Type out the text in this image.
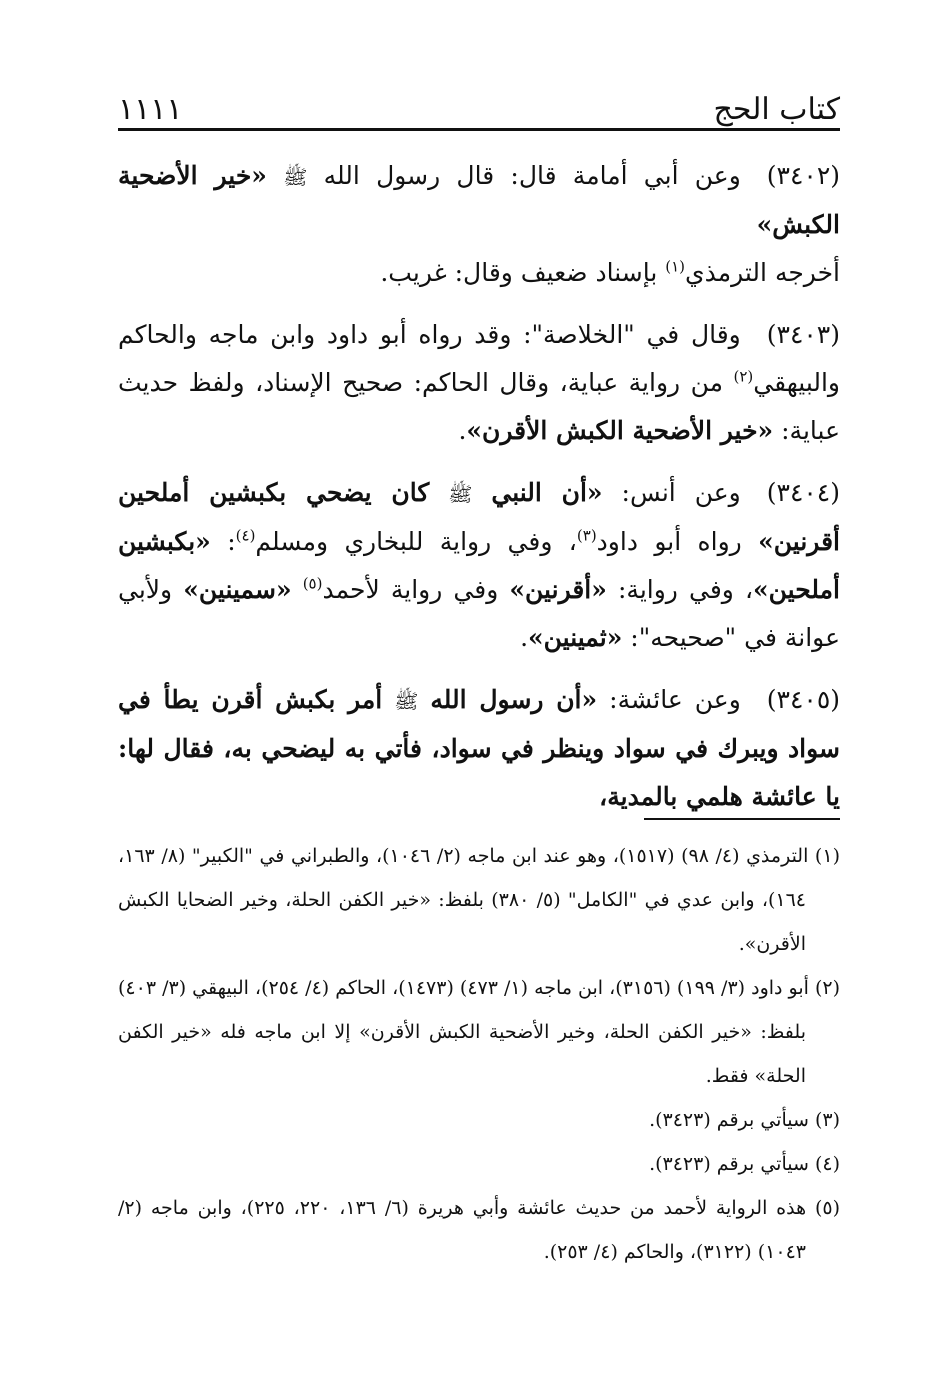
كتاب الحج
١١١١

(٣٤٠٢)وعن أبي أمامة قال: قال رسول الله ﷺ «خير الأضحية الكبش»
أخرجه الترمذي$^{(١)}$ بإسناد ضعيف وقال: غريب.

(٣٤٠٣)وقال في "الخلاصة": وقد رواه أبو داود وابن ماجه والحاكم والبيهقي$^{(٢)}$ من رواية عباية، وقال الحاكم: صحيح الإسناد، ولفظ حديث عباية: «خير الأضحية الكبش الأقرن».

(٣٤٠٤)وعن أنس: «أن النبي ﷺ كان يضحي بكبشين أملحين أقرنين» رواه أبو داود$^{(٣)}$، وفي رواية للبخاري ومسلم$^{(٤)}$: «بكبشين أملحين»، وفي رواية: «أقرنين» وفي رواية لأحمد$^{(٥)}$ «سمينين» ولأبي عوانة في "صحيحه": «ثمينين».

(٣٤٠٥)وعن عائشة: «أن رسول الله ﷺ أمر بكبش أقرن يطأ في سواد ويبرك في سواد وينظر في سواد، فأتي به ليضحي به، فقال لها: يا عائشة هلمي بالمدية،

(١) الترمذي (٤/ ٩٨) (١٥١٧)، وهو عند ابن ماجه (٢/ ١٠٤٦)، والطبراني في "الكبير" (٨/ ١٦٣، ١٦٤)، وابن عدي في "الكامل" (٥/ ٣٨٠) بلفظ: «خير الكفن الحلة، وخير الضحايا الكبش الأقرن».

(٢) أبو داود (٣/ ١٩٩) (٣١٥٦)، ابن ماجه (١/ ٤٧٣) (١٤٧٣)، الحاكم (٤/ ٢٥٤)، البيهقي (٣/ ٤٠٣) بلفظ: «خير الكفن الحلة، وخير الأضحية الكبش الأقرن» إلا ابن ماجه فله «خير الكفن الحلة» فقط.

(٣) سيأتي برقم (٣٤٢٣).

(٤) سيأتي برقم (٣٤٢٣).

(٥) هذه الرواية لأحمد من حديث عائشة وأبي هريرة (٦/ ١٣٦، ٢٢٠، ٢٢٥)، وابن ماجه (٢/ ١٠٤٣) (٣١٢٢)، والحاكم (٤/ ٢٥٣).
